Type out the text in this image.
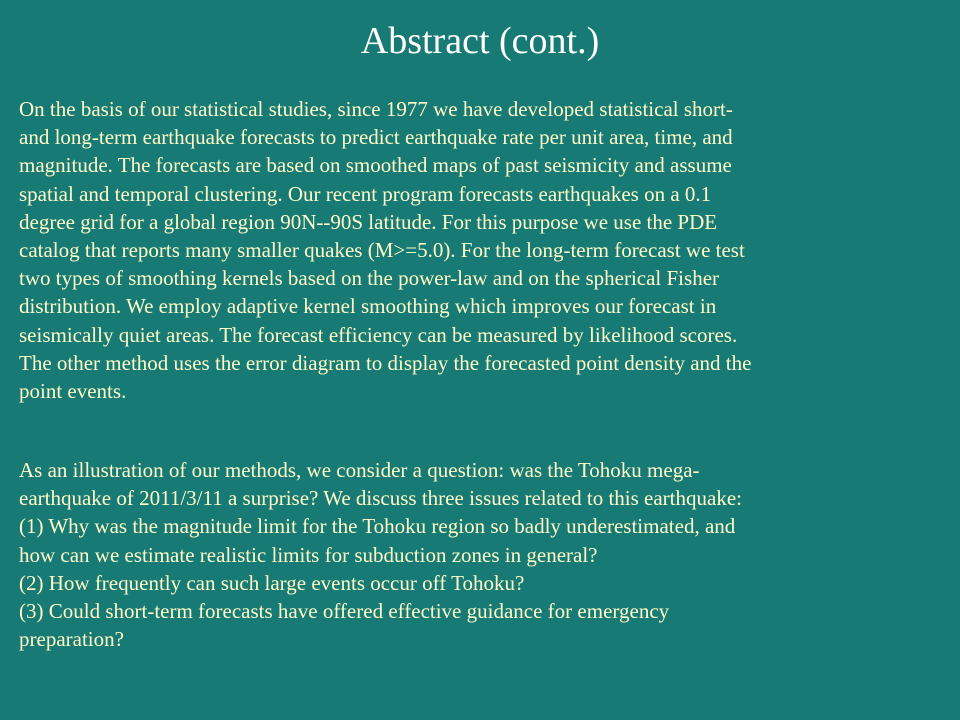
Abstract (cont.)

On the basis of our statistical studies, since 1977 we have developed statistical short-
and long-term earthquake forecasts to predict earthquake rate per unit area, time, and
magnitude. The forecasts are based on smoothed maps of past seismicity and assume
spatial and temporal clustering. Our recent program forecasts earthquakes on a 0.1
degree grid for a global region 90N--90S latitude. For this purpose we use the PDE
catalog that reports many smaller quakes (M>=5.0). For the long-term forecast we test
two types of smoothing kernels based on the power-law and on the spherical Fisher
distribution. We employ adaptive kernel smoothing which improves our forecast in
seismically quiet areas. The forecast efficiency can be measured by likelihood scores.
The other method uses the error diagram to display the forecasted point density and the
point events.

As an illustration of our methods, we consider a question: was the Tohoku mega-
earthquake of 2011/3/11 a surprise? We discuss three issues related to this earthquake:
(1) Why was the magnitude limit for the Tohoku region so badly underestimated, and
how can we estimate realistic limits for subduction zones in general?
(2) How frequently can such large events occur off Tohoku?
(3) Could short-term forecasts have offered effective guidance for emergency
preparation?
